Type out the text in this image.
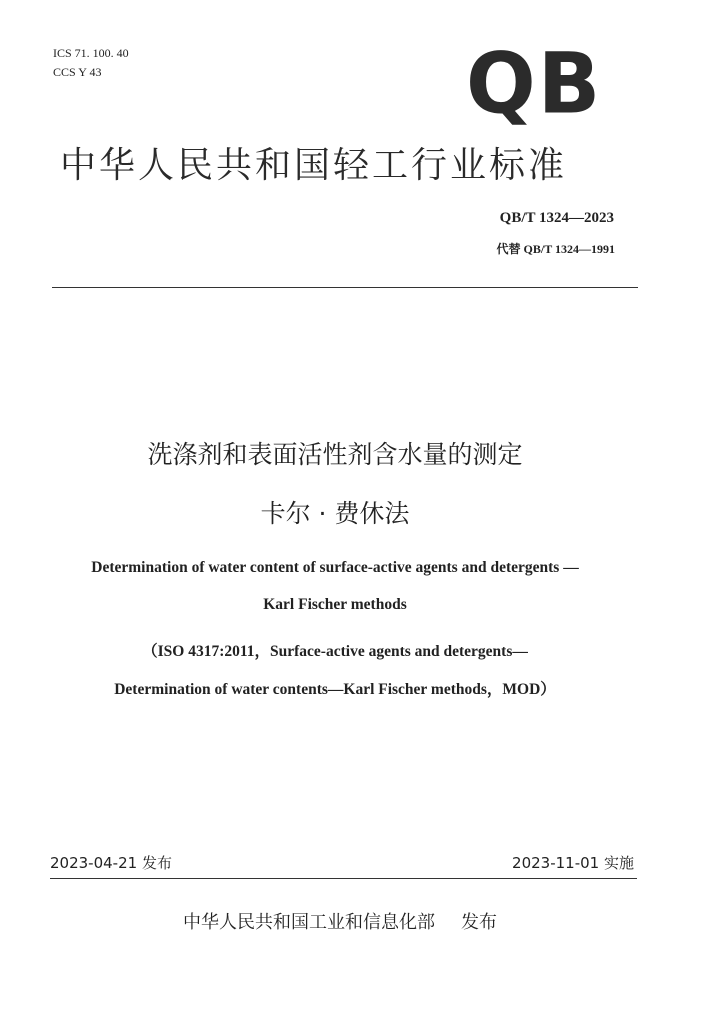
ICS 71. 100. 40
CCS Y 43	QB
中华人民共和国轻工行业标准
QB/T 1324—2023
代替 QB/T 1324—1991
洗涤剂和表面活性剂含水量的测定
卡尔 · 费休法
Determination of water content of surface-active agents and detergents —
Karl Fischer methods
（ISO 4317:2011，Surface-active agents and detergents—
Determination of water contents—Karl Fischer methods，MOD）
2023-04-21 发布	2023-11-01 实施
中华人民共和国工业和信息化部 发布
